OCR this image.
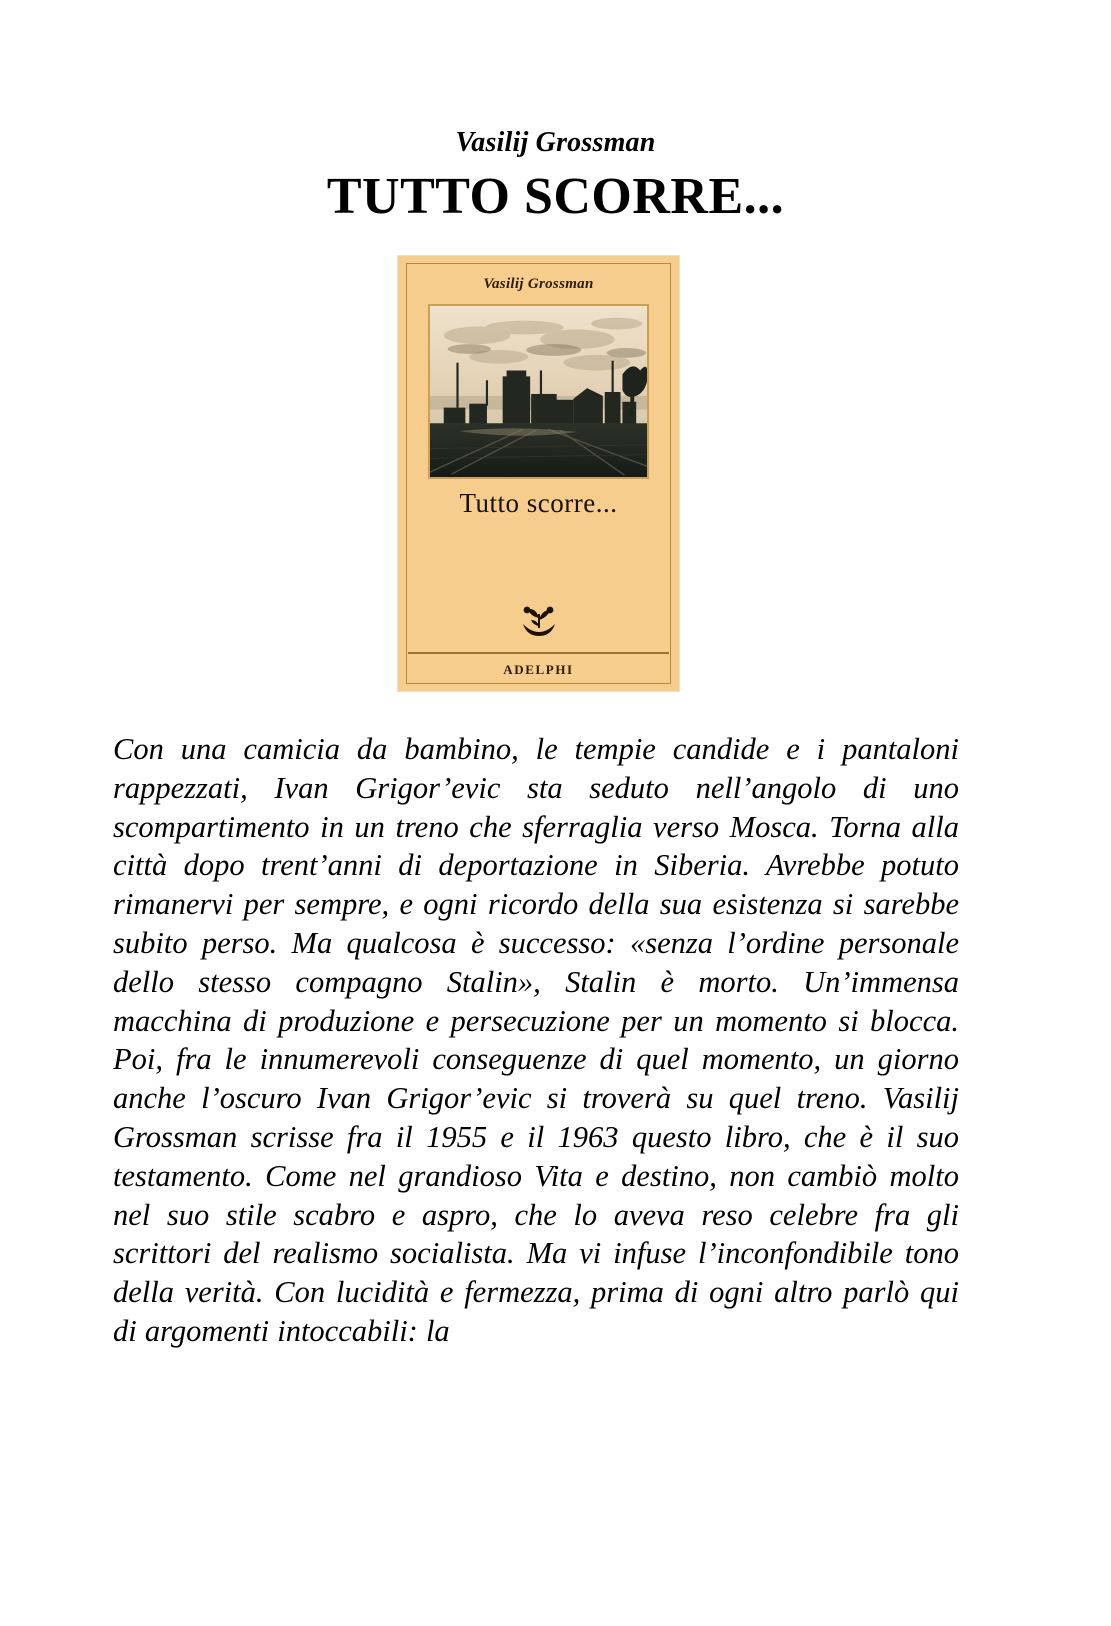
Vasilij Grossman
TUTTO SCORRE...
Vasilij Grossman
Tutto scorre...
ADELPHI
Con una camicia da bambino, le tempie candide e i pantaloni rappezzati, Ivan Grigor’evic sta seduto nell’angolo di uno scompartimento in un treno che sferraglia verso Mosca. Torna alla città dopo trent’anni di deportazione in Siberia. Avrebbe potuto rimanervi per sempre, e ogni ricordo della sua esistenza si sarebbe subito perso. Ma qualcosa è successo: «senza l’ordine personale dello stesso compagno Stalin», Stalin è morto. Un’immensa macchina di produzione e persecuzione per un momento si blocca. Poi, fra le innumerevoli conseguenze di quel momento, un giorno anche l’oscuro Ivan Grigor’evic si troverà su quel treno. Vasilij Grossman scrisse fra il 1955 e il 1963 questo libro, che è il suo testamento. Come nel grandioso Vita e destino, non cambiò molto nel suo stile scabro e aspro, che lo aveva reso celebre fra gli scrittori del realismo socialista. Ma vi infuse l’inconfondibile tono della verità. Con lucidità e fermezza, prima di ogni altro parlò qui di argomenti intoccabili: la
